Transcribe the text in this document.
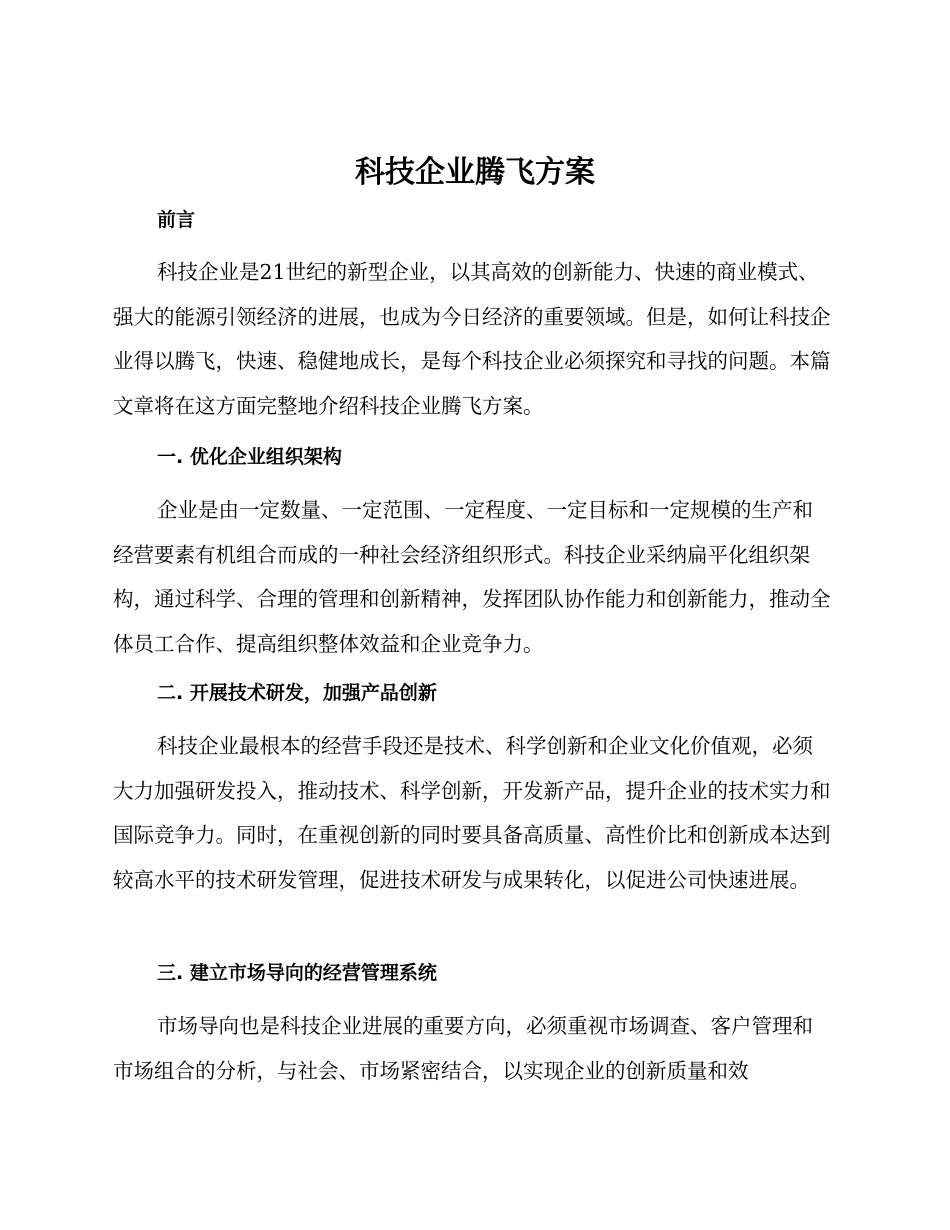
科技企业腾飞方案
前言

科技企业是21世纪的新型企业，以其高效的创新能力、快速的商业模式、强大的能源引领经济的进展，也成为今日经济的重要领域。但是，如何让科技企业得以腾飞，快速、稳健地成长，是每个科技企业必须探究和寻找的问题。本篇文章将在这方面完整地介绍科技企业腾飞方案。

一. 优化企业组织架构

企业是由一定数量、一定范围、一定程度、一定目标和一定规模的生产和经营要素有机组合而成的一种社会经济组织形式。科技企业采纳扁平化组织架构，通过科学、合理的管理和创新精神，发挥团队协作能力和创新能力，推动全体员工合作、提高组织整体效益和企业竞争力。

二. 开展技术研发，加强产品创新

科技企业最根本的经营手段还是技术、科学创新和企业文化价值观，必须大力加强研发投入，推动技术、科学创新，开发新产品，提升企业的技术实力和国际竞争力。同时，在重视创新的同时要具备高质量、高性价比和创新成本达到较高水平的技术研发管理，促进技术研发与成果转化，以促进公司快速进展。

三. 建立市场导向的经营管理系统

市场导向也是科技企业进展的重要方向，必须重视市场调查、客户管理和市场组合的分析，与社会、市场紧密结合，以实现企业的创新质量和效
